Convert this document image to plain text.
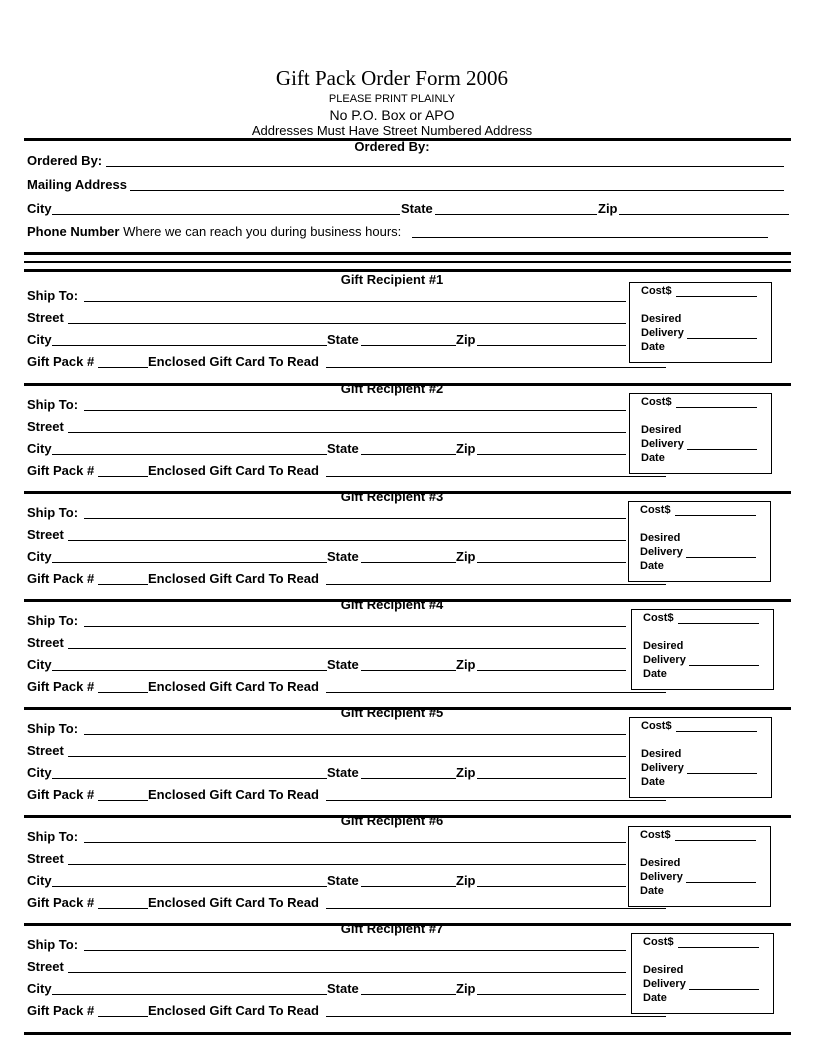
Gift Pack Order Form 2006
PLEASE PRINT PLAINLY
No P.O. Box or APO
Addresses Must Have Street Numbered Address
Ordered By:
Ordered By:
Mailing Address
City	State	Zip
Phone Number Where we can reach you during business hours:
Gift Recipient #1
Ship To:
Street
City	State	Zip
Gift Pack #	Enclosed Gift Card To Read
Cost$
Desired
Delivery
Date
Gift Recipient #2
Ship To:
Street
City	State	Zip
Gift Pack #	Enclosed Gift Card To Read
Cost$
Desired
Delivery
Date
Gift Recipient #3
Ship To:
Street
City	State	Zip
Gift Pack #	Enclosed Gift Card To Read
Cost$
Desired
Delivery
Date
Gift Recipient #4
Ship To:
Street
City	State	Zip
Gift Pack #	Enclosed Gift Card To Read
Cost$
Desired
Delivery
Date
Gift Recipient #5
Ship To:
Street
City	State	Zip
Gift Pack #	Enclosed Gift Card To Read
Cost$
Desired
Delivery
Date
Gift Recipient #6
Ship To:
Street
City	State	Zip
Gift Pack #	Enclosed Gift Card To Read
Cost$
Desired
Delivery
Date
Gift Recipient #7
Ship To:
Street
City	State	Zip
Gift Pack #	Enclosed Gift Card To Read
Cost$
Desired
Delivery
Date
